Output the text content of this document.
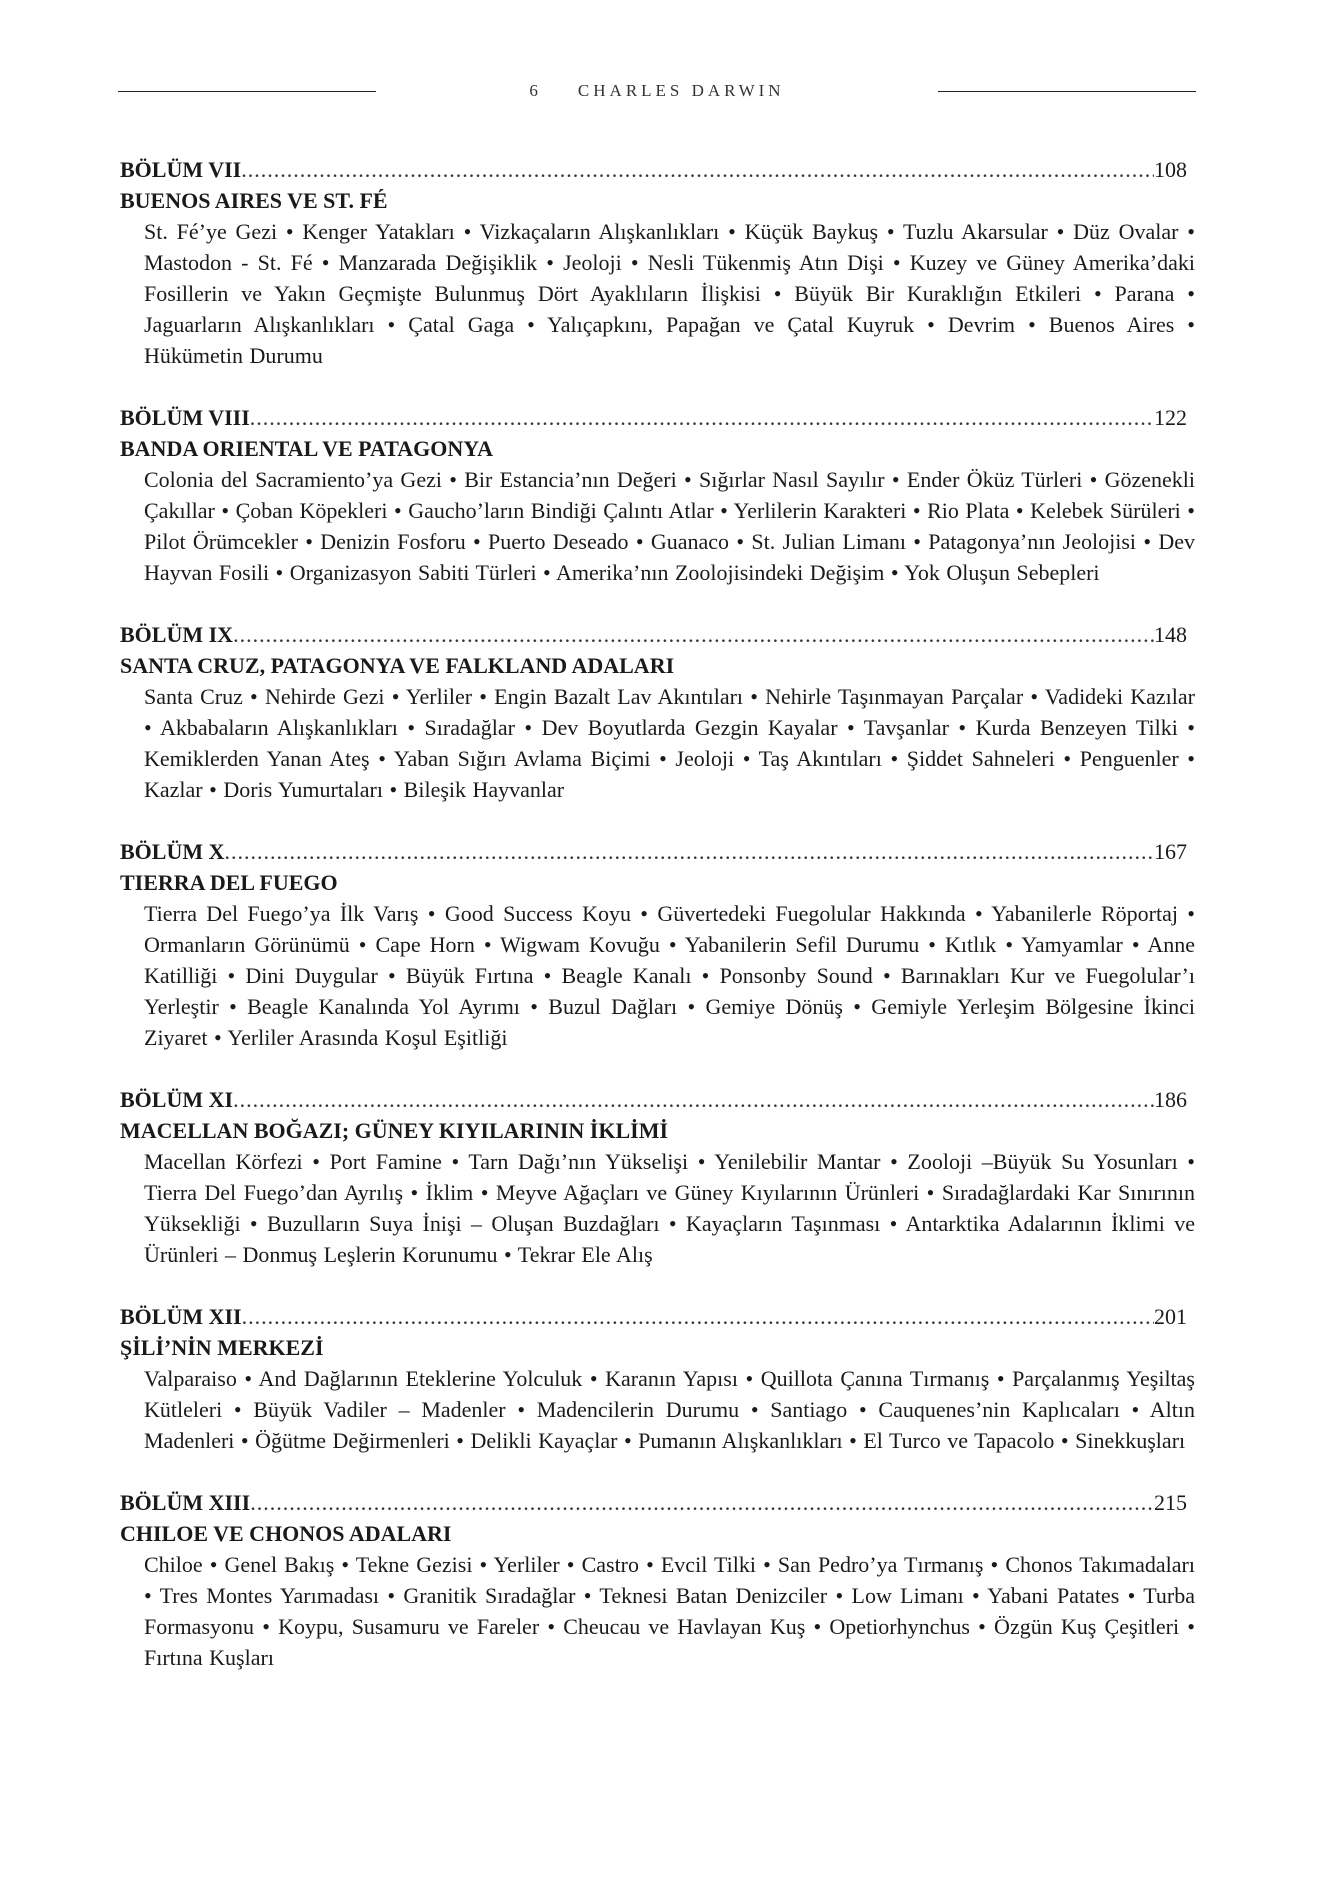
6 CHARLES DARWIN
BÖLÜM VII .....	108
BUENOS AIRES VE ST. FÉ
St. Fé’ye Gezi • Kenger Yatakları • Vizkaçaların Alışkanlıkları • Küçük Baykuş • Tuzlu Akarsular • Düz Ovalar • Mastodon - St. Fé • Manzarada Değişiklik • Jeoloji • Nesli Tükenmiş Atın Dişi • Kuzey ve Güney Amerika’daki Fosillerin ve Yakın Geçmişte Bulunmuş Dört Ayaklıların İlişkisi • Büyük Bir Kuraklığın Etkileri • Parana • Jaguarların Alışkanlıkları • Çatal Gaga • Yalıçapkını, Papağan ve Çatal Kuyruk • Devrim • Buenos Aires • Hükümetin Durumu
BÖLÜM VIII .....	122
BANDA ORIENTAL VE PATAGONYA
Colonia del Sacramiento’ya Gezi • Bir Estancia’nın Değeri • Sığırlar Nasıl Sayılır • Ender Öküz Türleri • Gözenekli Çakıllar • Çoban Köpekleri • Gaucho’ların Bindiği Çalıntı Atlar • Yerlilerin Karakteri • Rio Plata • Kelebek Sürüleri • Pilot Örümcekler • Denizin Fosforu • Puerto Deseado • Guanaco • St. Julian Limanı • Patagonya’nın Jeolojisi • Dev Hayvan Fosili • Organizasyon Sabiti Türleri • Amerika’nın Zoolojisindeki Değişim • Yok Oluşun Sebepleri
BÖLÜM IX .....	148
SANTA CRUZ, PATAGONYA VE FALKLAND ADALARI
Santa Cruz • Nehirde Gezi • Yerliler • Engin Bazalt Lav Akıntıları • Nehirle Taşınmayan Parçalar • Vadideki Kazılar • Akbabaların Alışkanlıkları • Sıradağlar • Dev Boyutlarda Gezgin Kayalar • Tavşanlar • Kurda Benzeyen Tilki • Kemiklerden Yanan Ateş • Yaban Sığırı Avlama Biçimi • Jeoloji • Taş Akıntıları • Şiddet Sahneleri • Penguenler • Kazlar • Doris Yumurtaları • Bileşik Hayvanlar
BÖLÜM X .....	167
TIERRA DEL FUEGO
Tierra Del Fuego’ya İlk Varış • Good Success Koyu • Güvertedeki Fuegolular Hakkında • Yabanilerle Röportaj • Ormanların Görünümü • Cape Horn • Wigwam Kovuğu • Yabanilerin Sefil Durumu • Kıtlık • Yamyamlar • Anne Katilliği • Dini Duygular • Büyük Fırtına • Beagle Kanalı • Ponsonby Sound • Barınakları Kur ve Fuegolular’ı Yerleştir • Beagle Kanalında Yol Ayrımı • Buzul Dağları • Gemiye Dönüş • Gemiyle Yerleşim Bölgesine İkinci Ziyaret • Yerliler Arasında Koşul Eşitliği
BÖLÜM XI .....	186
MACELLAN BOĞAZI; GÜNEY KIYILARININ İKLİMİ
Macellan Körfezi • Port Famine • Tarn Dağı’nın Yükselişi • Yenilebilir Mantar • Zooloji –Büyük Su Yosunları • Tierra Del Fuego’dan Ayrılış • İklim • Meyve Ağaçları ve Güney Kıyılarının Ürünleri • Sıradağlardaki Kar Sınırının Yüksekliği • Buzulların Suya İnişi – Oluşan Buzdağları • Kayaçların Taşınması • Antarktika Adalarının İklimi ve Ürünleri – Donmuş Leşlerin Korunumu • Tekrar Ele Alış
BÖLÜM XII .....	201
ŞİLİ’NİN MERKEZİ
Valparaiso • And Dağlarının Eteklerine Yolculuk • Karanın Yapısı • Quillota Çanına Tırmanış • Parçalanmış Yeşiltaş Kütleleri • Büyük Vadiler – Madenler • Madencilerin Durumu • Santiago • Cauquenes’nin Kaplıcaları • Altın Madenleri • Öğütme Değirmenleri • Delikli Kayaçlar • Pumanın Alışkanlıkları • El Turco ve Tapacolo • Sinekkuşları
BÖLÜM XIII .....	215
CHILOE VE CHONOS ADALARI
Chiloe • Genel Bakış • Tekne Gezisi • Yerliler • Castro • Evcil Tilki • San Pedro’ya Tırmanış • Chonos Takımadaları • Tres Montes Yarımadası • Granitik Sıradağlar • Teknesi Batan Denizciler • Low Limanı • Yabani Patates • Turba Formasyonu • Koypu, Susamuru ve Fareler • Cheucau ve Havlayan Kuş • Opetiorhynchus • Özgün Kuş Çeşitleri • Fırtına Kuşları
